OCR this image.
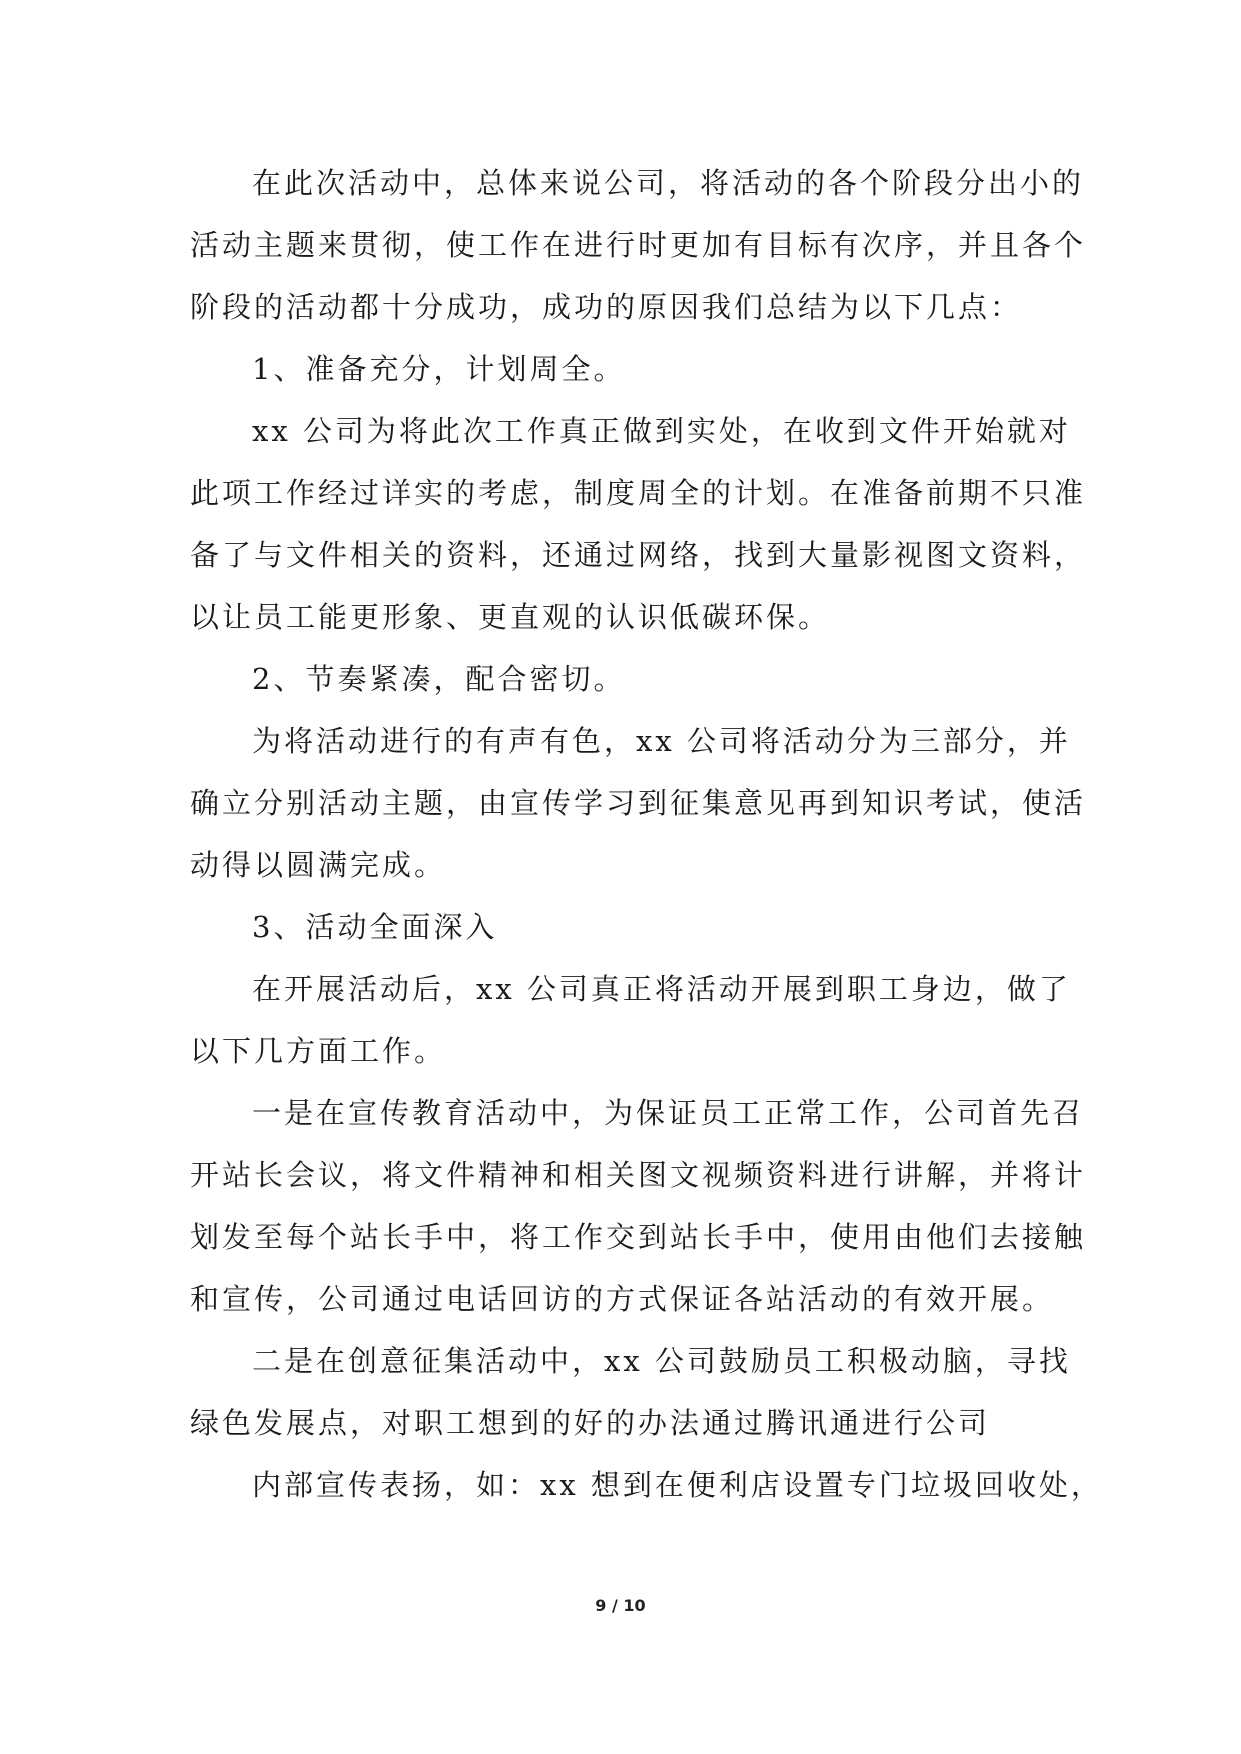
在此次活动中，总体来说公司，将活动的各个阶段分出小的
活动主题来贯彻，使工作在进行时更加有目标有次序，并且各个
阶段的活动都十分成功，成功的原因我们总结为以下几点：
1、准备充分，计划周全。
xx 公司为将此次工作真正做到实处，在收到文件开始就对
此项工作经过详实的考虑，制度周全的计划。在准备前期不只准
备了与文件相关的资料，还通过网络，找到大量影视图文资料，
以让员工能更形象、更直观的认识低碳环保。
2、节奏紧凑，配合密切。
为将活动进行的有声有色，xx 公司将活动分为三部分，并
确立分别活动主题，由宣传学习到征集意见再到知识考试，使活
动得以圆满完成。
3、活动全面深入
在开展活动后，xx 公司真正将活动开展到职工身边，做了
以下几方面工作。
一是在宣传教育活动中，为保证员工正常工作，公司首先召
开站长会议，将文件精神和相关图文视频资料进行讲解，并将计
划发至每个站长手中，将工作交到站长手中，使用由他们去接触
和宣传，公司通过电话回访的方式保证各站活动的有效开展。
二是在创意征集活动中，xx 公司鼓励员工积极动脑，寻找
绿色发展点，对职工想到的好的办法通过腾讯通进行公司
内部宣传表扬，如：xx 想到在便利店设置专门垃圾回收处，
9 / 10
